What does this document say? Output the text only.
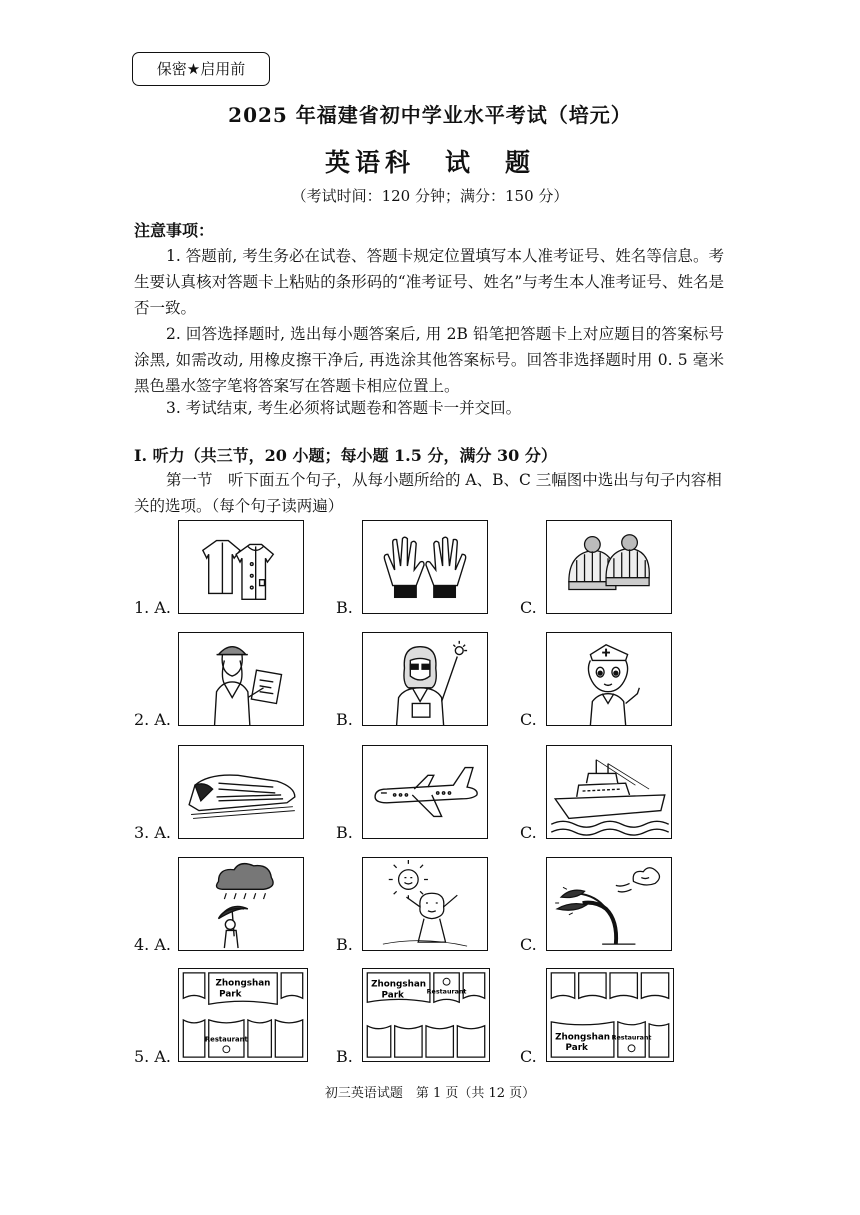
保密★启用前
2025 年福建省初中学业水平考试（培元）
英语科　试　题
（考试时间：120 分钟；满分：150 分）
注意事项：
1. 答题前, 考生务必在试卷、答题卡规定位置填写本人准考证号、姓名等信息。考生要认真核对答题卡上粘贴的条形码的“准考证号、姓名”与考生本人准考证号、姓名是否一致。
2. 回答选择题时, 选出每小题答案后, 用 2B 铅笔把答题卡上对应题目的答案标号涂黑, 如需改动, 用橡皮擦干净后, 再选涂其他答案标号。回答非选择题时用 0. 5 毫米黑色墨水签字笔将答案写在答题卡相应位置上。
3. 考试结束, 考生必须将试题卷和答题卡一并交回。
I. 听力（共三节，20 小题；每小题 1.5 分，满分 30 分）
第一节　听下面五个句子，从每小题所给的 A、B、C 三幅图中选出与句子内容相关的选项。（每个句子读两遍）
1. A.	B.	C.
2. A.	B.	C.
3. A.	B.	C.
4. A.	B.	C.
5. A.	B.	C.
Zhongshan
Park
Restaurant
Zhongshan
Park	Restaurant
Zhongshan
Park
Restaurant
初三英语试题　第 1 页（共 12 页）
